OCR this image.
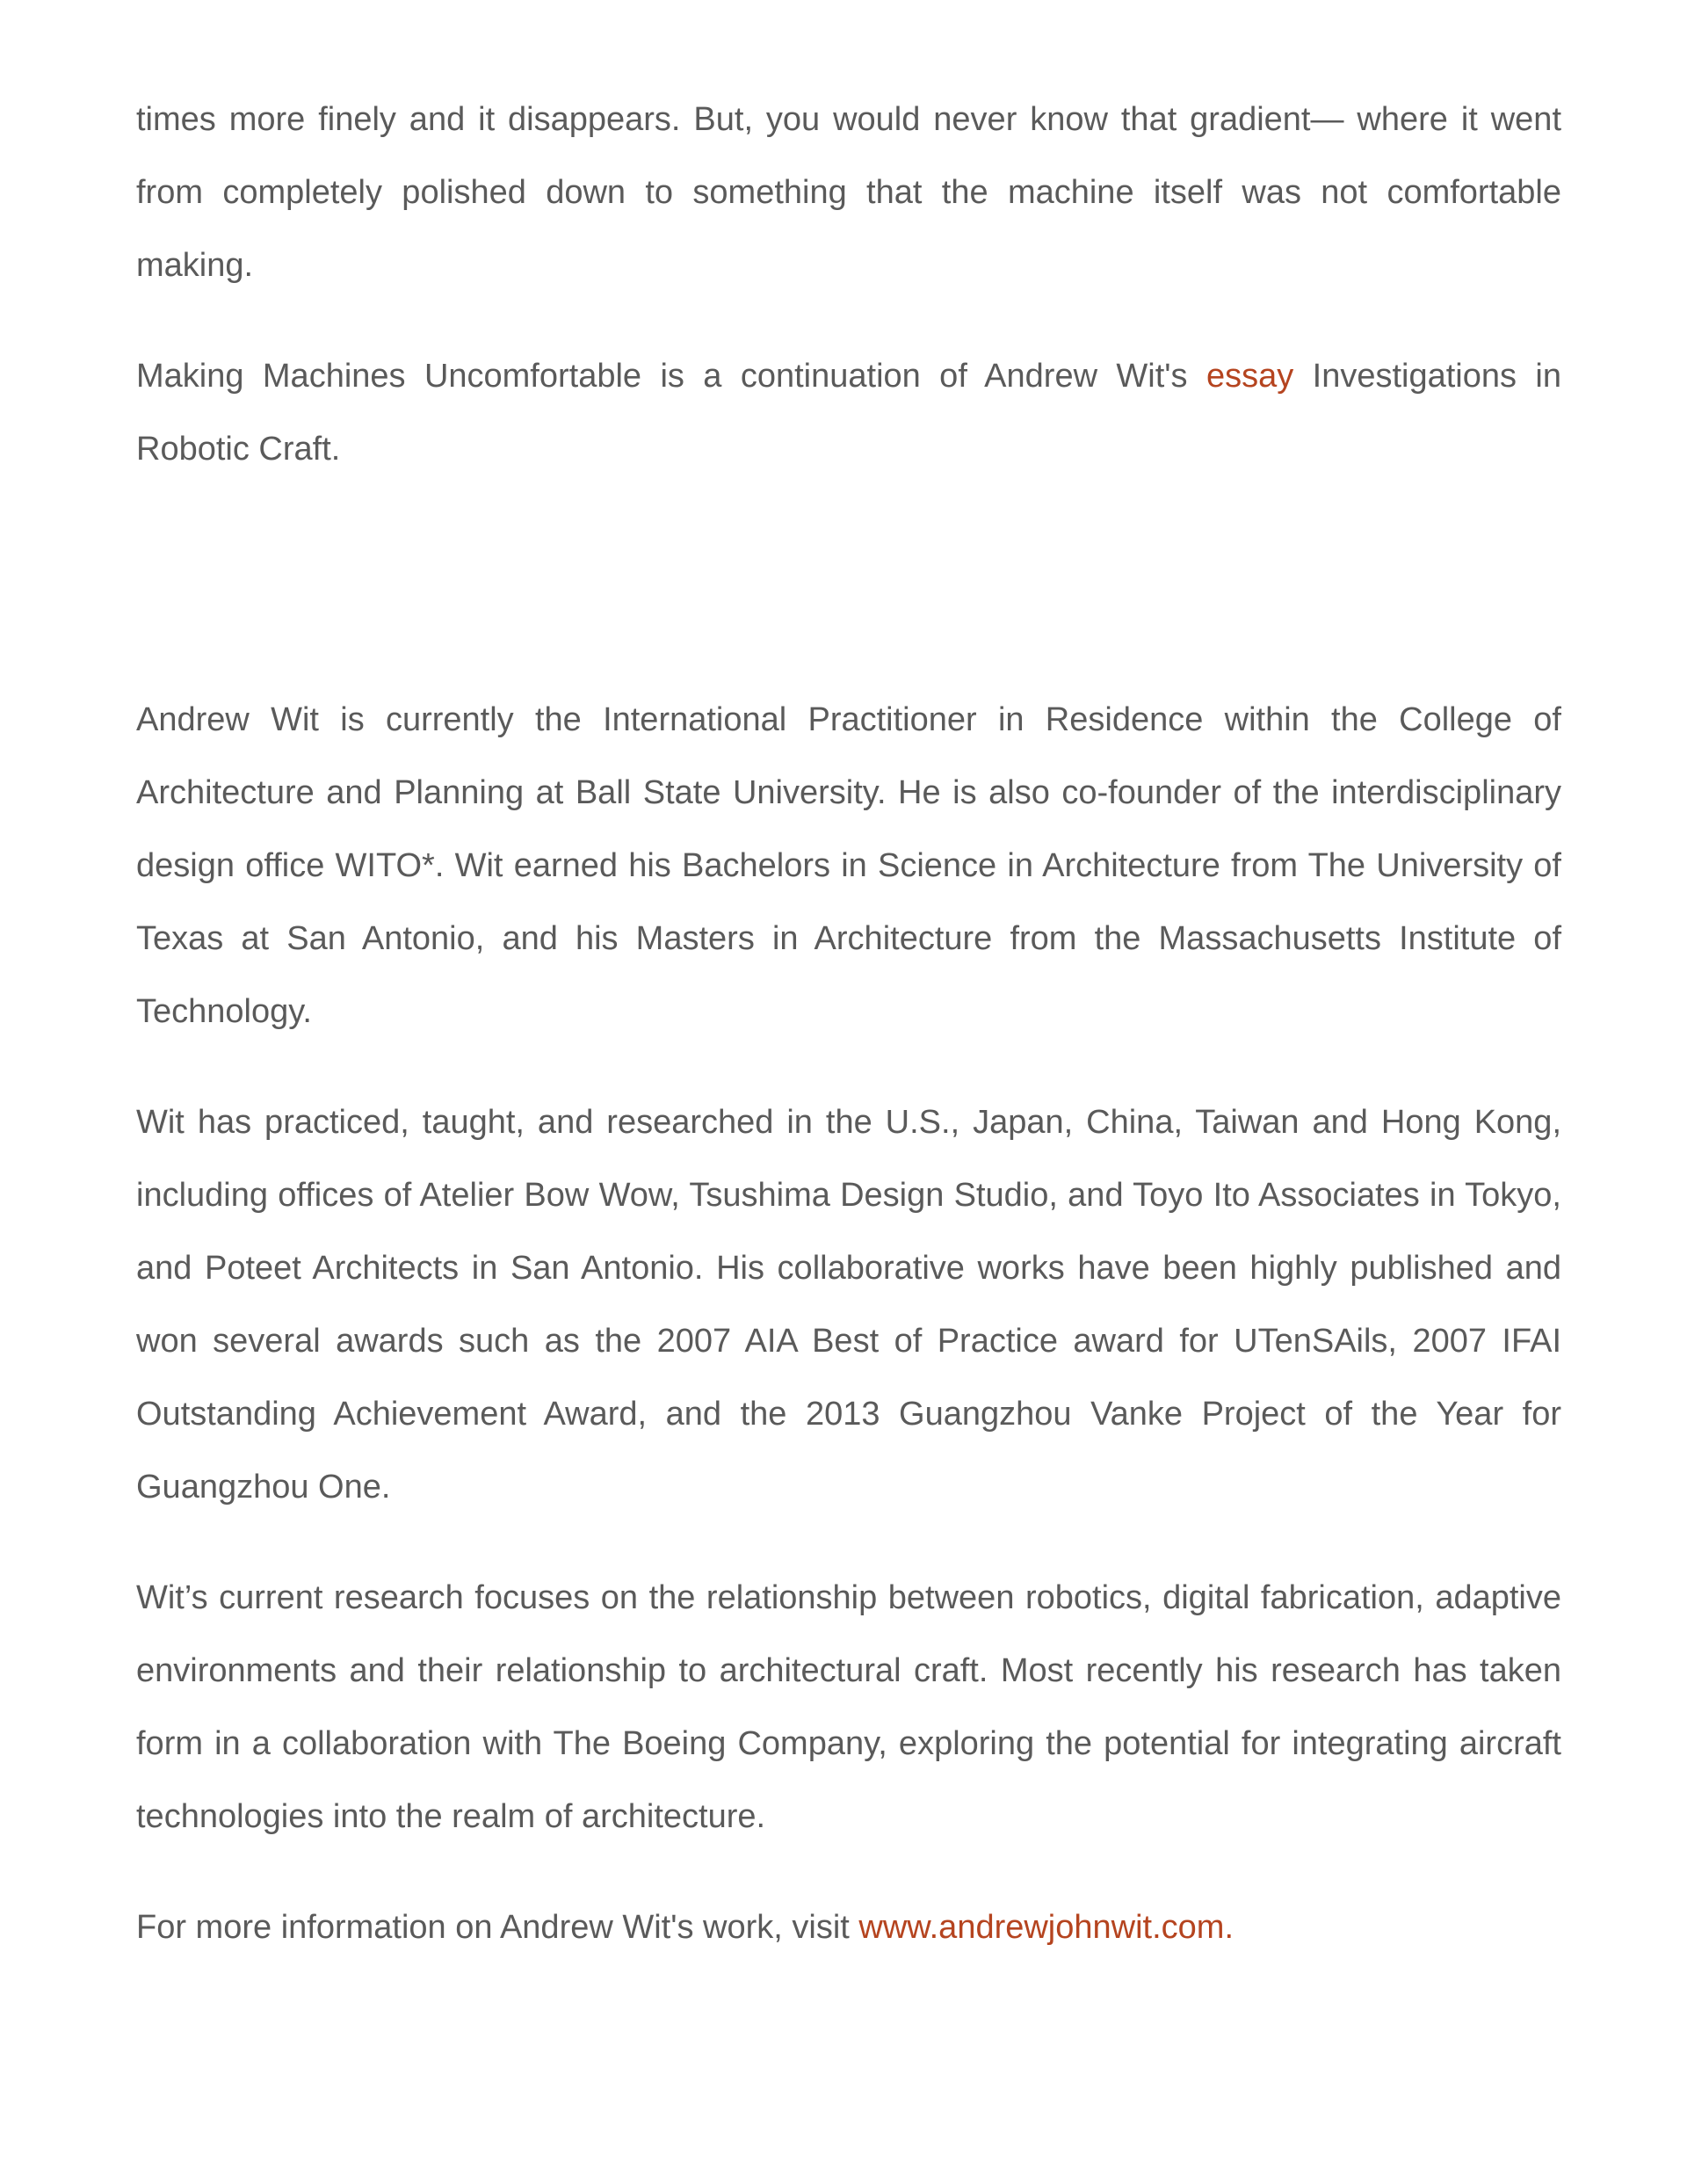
times more finely and it disappears. But, you would never know that gradient— where it went from completely polished down to something that the machine itself was not comfortable making.

Making Machines Uncomfortable is a continuation of Andrew Wit's essay Investigations in Robotic Craft.

Andrew Wit is currently the International Practitioner in Residence within the College of Architecture and Planning at Ball State University. He is also co-founder of the interdisciplinary design office WITO*. Wit earned his Bachelors in Science in Architecture from The University of Texas at San Antonio, and his Masters in Architecture from the Massachusetts Institute of Technology.

Wit has practiced, taught, and researched in the U.S., Japan, China, Taiwan and Hong Kong, including offices of Atelier Bow Wow, Tsushima Design Studio, and Toyo Ito Associates in Tokyo, and Poteet Architects in San Antonio. His collaborative works have been highly published and won several awards such as the 2007 AIA Best of Practice award for UTenSAils, 2007 IFAI Outstanding Achievement Award, and the 2013 Guangzhou Vanke Project of the Year for Guangzhou One.

Wit’s current research focuses on the relationship between robotics, digital fabrication, adaptive environments and their relationship to architectural craft. Most recently his research has taken form in a collaboration with The Boeing Company, exploring the potential for integrating aircraft technologies into the realm of architecture.

For more information on Andrew Wit's work, visit www.andrewjohnwit.com.
